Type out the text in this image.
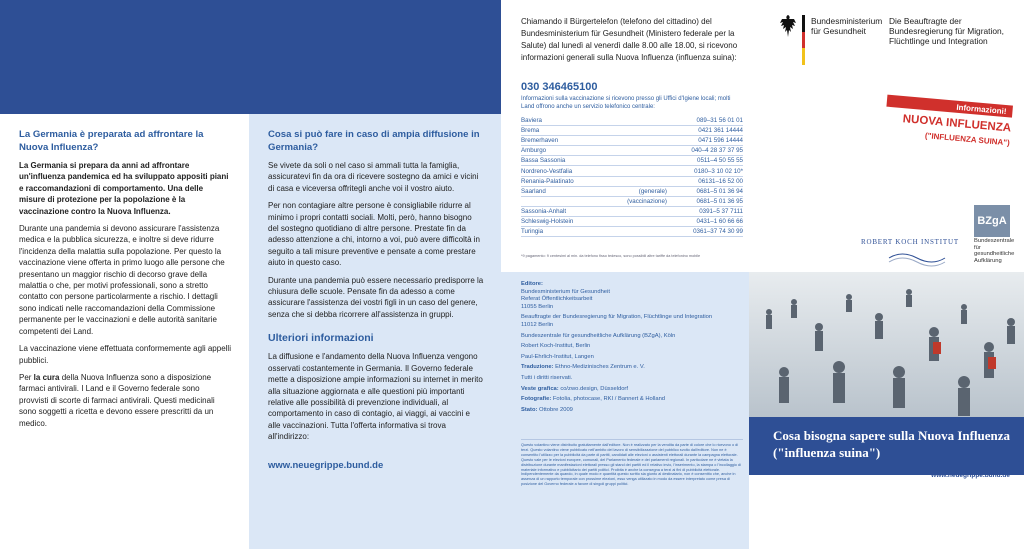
La Germania è preparata ad affrontare la Nuova Influenza?

La Germania si prepara da anni ad affrontare un'influenza pandemica ed ha sviluppato appositi piani e raccomandazioni di comportamento. Una delle misure di protezione per la popolazione è la vaccinazione contro la Nuova Influenza.

Durante una pandemia si devono assicurare l'assistenza medica e la pubblica sicurezza, e inoltre si deve ridurre l'incidenza della malattia sulla popolazione. Per questo la vaccinazione viene offerta in primo luogo alle persone che presentano un maggior rischio di decorso grave della malattia o che, per motivi professionali, sono a stretto contatto con persone particolarmente a rischio. I dettagli sono indicati nelle raccomandazioni della Commissione permanente per le vaccinazioni e delle autorità sanitarie competenti dei Land.

La vaccinazione viene effettuata conformemente agli appelli pubblici.

Per la cura della Nuova Influenza sono a disposizione farmaci antivirali. I Land e il Governo federale sono provvisti di scorte di farmaci antivirali. Questi medicinali sono soggetti a ricetta e devono essere prescritti da un medico.

Cosa si può fare in caso di ampia diffusione in Germania?

Se vivete da soli o nel caso si ammali tutta la famiglia, assicuratevi fin da ora di ricevere sostegno da amici e vicini di casa e viceversa offritegli anche voi il vostro aiuto.

Per non contagiare altre persone è consigliabile ridurre al minimo i propri contatti sociali. Molti, però, hanno bisogno del sostegno quotidiano di altre persone. Prestate fin da adesso attenzione a chi, intorno a voi, può avere difficoltà in seguito a tali misure preventive e pensate a come prestare aiuto in questo caso.

Durante una pandemia può essere necessario predisporre la chiusura delle scuole. Pensate fin da adesso a come assicurare l'assistenza dei vostri figli in un caso del genere, senza che si debba ricorrere all'assistenza in gruppi.

Ulteriori informazioni

La diffusione e l'andamento della Nuova Influenza vengono osservati costantemente in Germania. Il Governo federale mette a disposizione ampie informazioni su internet in merito alla situazione aggiornata e alle questioni più importanti relative alle possibilità di prevenzione individuali, al comportamento in caso di contagio, ai viaggi, ai vaccini e alle vaccinazioni. Tutta l'offerta informativa si trova all'indirizzo:

www.neuegrippe.bund.de
Chiamando il Bürgertelefon (telefono del cittadino) del Bundesministerium für Gesundheit (Ministero federale per la Salute) dal lunedì al venerdì dalle 8.00 alle 18.00, si ricevono informazioni generali sulla Nuova Influenza (influenza suina):
030 346465100
Informazioni sulla vaccinazione si ricevono presso gli Uffici d'Igiene locali; molti Land offrono anche un servizio telefonico centrale:
Baviera		089–31 56 01 01
Brema		0421 361 14444
Bremerhaven		0471 596 14444
Amburgo		040–4 28 37 37 95
Bassa Sassonia		0511–4 50 55 55
Nordreno-Vestfalia		0180–3 10 02 10*
Renania-Palatinato		06131–16 52 00
Saarland	(generale)	0681–5 01 36 94
	(vaccinazione)	0681–5 01 36 95
Sassonia-Anhalt		0391–5 37 7111
Schleswig-Holstein		0431–1 60 66 66
Turingia		0361–37 74 30 99
*9 pagamento: 9 centesimi al min. da telefono fisso tedesco, sono possibili altre tariffe da telefonino mobile
Editore:
Bundesministerium für Gesundheit
Referat Öffentlichkeitsarbeit
11055 Berlin
Beauftragte der Bundesregierung für Migration, Flüchtlinge und Integration
11012 Berlin
Bundeszentrale für gesundheitliche Aufklärung (BZgA), Köln
Robert Koch-Institut, Berlin
Paul-Ehrlich-Institut, Langen
Traduzione: Ethno-Medizinisches Zentrum e. V.
Tutti i diritti riservati.
Veste grafica: co/zwo.design, Düsseldorf
Fotografie: Fotolia, photocase, RKI / Bannert & Holland
Stato: Ottobre 2009
Questo volantino viene distribuito gratuitamente dall'editore. Non è realizzato per la vendita da parte di colore che lo ricevono o di terzi. Questo volantino viene pubblicato nell'ambito del lavoro di sensibilizzazione del pubblico svolto dall'editore. Non ne è consentito l'utilizzo per la pubblicità da parte di partiti, candidati alle elezioni o assistenti elettorali durante la campagna elettorale. Questo vale per le elezioni europee, comunali, del Parlamento federale e dei parlamenti regionali. In particolare ne è vietata la distribuzione durante manifestazioni elettorali presso gli stand dei partiti ed il relativo invio, l'inserimento, la stampa o l'incollaggio di materiale informativo e pubblicitario dei partiti politici. Proibita è anche la consegna a terzi ai fini di pubblicità elettorale. Indipendentemente da quando, in quale modo e quantità questo scritto sia giunto al destinatario, non è consentito che, anche in assenza di un rapporto temporale con prossime elezioni, esso venga utilizzato in modo da essere interpretato come presa di posizione del Governo federale a favore di singoli gruppi politici.
Bundesministerium
für Gesundheit
Die Beauftragte der Bundesregierung für Migration, Flüchtlinge und Integration
Informazioni!
NUOVA INFLUENZA
("INFLUENZA SUINA")
BZgA
Bundeszentrale für gesundheitliche Aufklärung
ROBERT KOCH INSTITUT
Cosa bisogna sapere sulla Nuova Influenza ("influenza suina")
www.neuegrippe.bund.de
